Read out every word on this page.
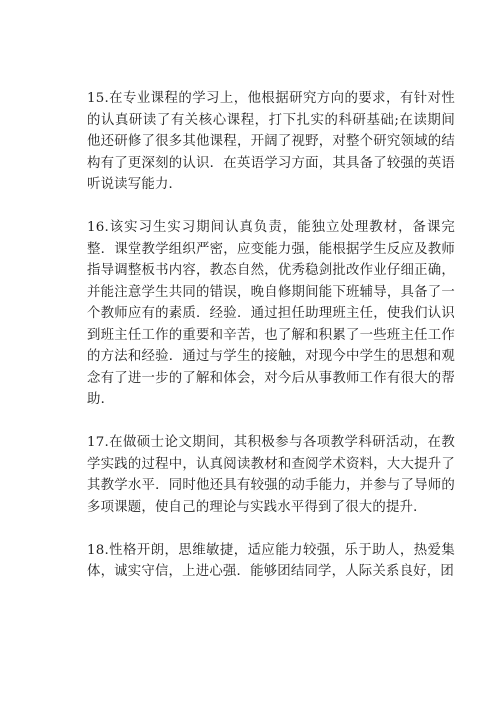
15.在专业课程的学习上，他根据研究方向的要求，有针对性的认真研读了有关核心课程，打下扎实的科研基础;在读期间他还研修了很多其他课程，开阔了视野，对整个研究领域的结构有了更深刻的认识．在英语学习方面，其具备了较强的英语听说读写能力．

16.该实习生实习期间认真负责，能独立处理教材，备课完整．课堂教学组织严密，应变能力强，能根据学生反应及教师指导调整板书内容，教态自然，优秀稳剑批改作业仔细正确，并能注意学生共同的错误，晚自修期间能下班辅导，具备了一个教师应有的素质．经验．通过担任助理班主任，使我们认识到班主任工作的重要和辛苦，也了解和积累了一些班主任工作的方法和经验．通过与学生的接触，对现今中学生的思想和观念有了进一步的了解和体会，对今后从事教师工作有很大的帮助．

17.在做硕士论文期间，其积极参与各项教学科研活动，在教学实践的过程中，认真阅读教材和查阅学术资料，大大提升了其教学水平．同时他还具有较强的动手能力，并参与了导师的多项课题，使自己的理论与实践水平得到了很大的提升．

18.性格开朗，思维敏捷，适应能力较强，乐于助人，热爱集体，诚实守信，上进心强．能够团结同学，人际关系良好，团
